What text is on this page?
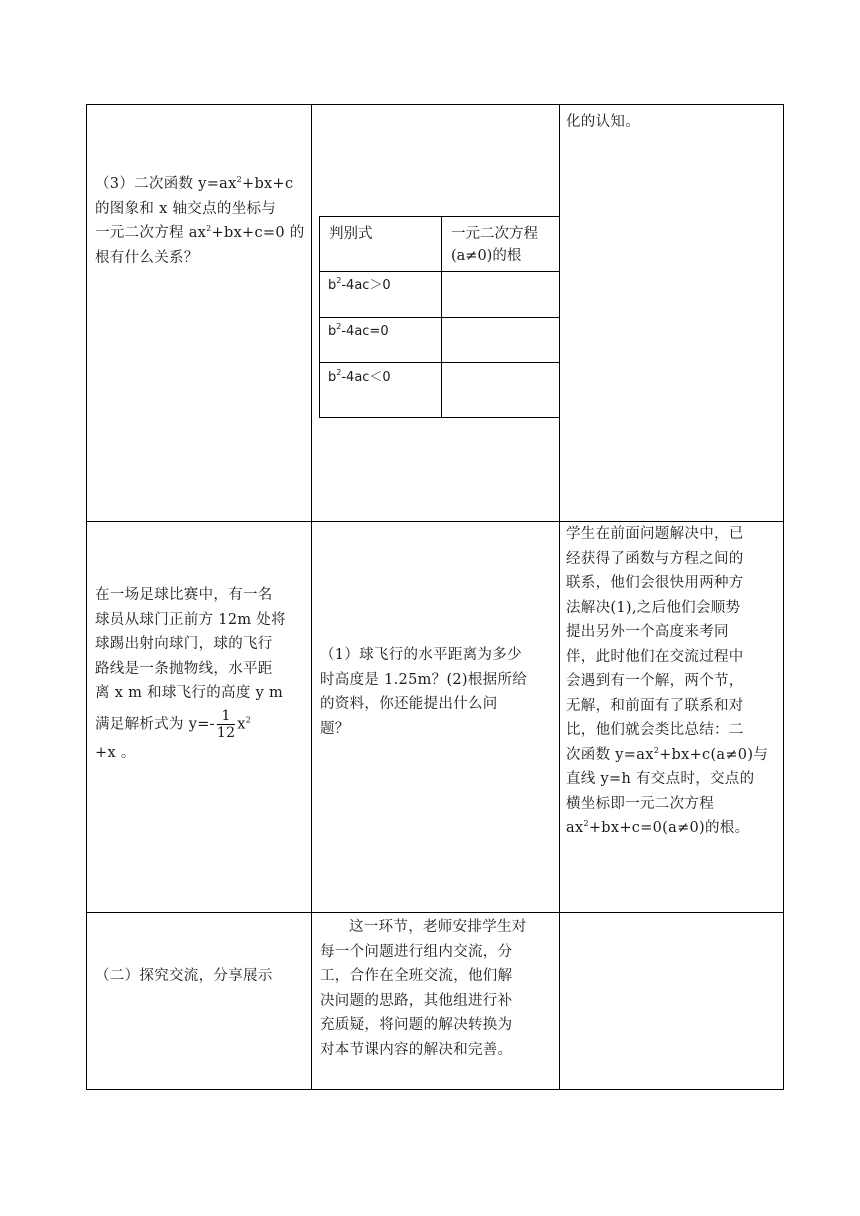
（3）二次函数 $y=ax^2+bx+c$
的图象和 x 轴交点的坐标与
一元二次方程 $ax^2+bx+c=0$ 的
根有什么关系？
判别式	一元二次方程
(a≠0)的根
$b^2-4ac>0$
$b^2-4ac=0$
$b^2-4ac<0$
化的认知。
在一场足球比赛中，有一名
球员从球门正前方 12m 处将
球踢出射向球门，球的飞行
路线是一条抛物线，水平距
离 x m 和球飞行的高度 y m
满足解析式为 $y=- \frac{1}{12} x^2$
+x 。
（1）球飞行的水平距离为多少
时高度是 1.25m？(2)根据所给
的资料，你还能提出什么问
题？
学生在前面问题解决中，已
经获得了函数与方程之间的
联系，他们会很快用两种方
法解决(1),之后他们会顺势
提出另外一个高度来考同
伴，此时他们在交流过程中
会遇到有一个解，两个节，
无解，和前面有了联系和对
比，他们就会类比总结：二
次函数 $y=ax^2+bx+c(a\ne 0)$与
直线 y=h 有交点时，交点的
横坐标即一元二次方程
$ax^2+bx+c=0(a\ne 0)$的根。
（二）探究交流，分享展示
这一环节，老师安排学生对
每一个问题进行组内交流，分
工，合作在全班交流，他们解
决问题的思路，其他组进行补
充质疑，将问题的解决转换为
对本节课内容的解决和完善。
